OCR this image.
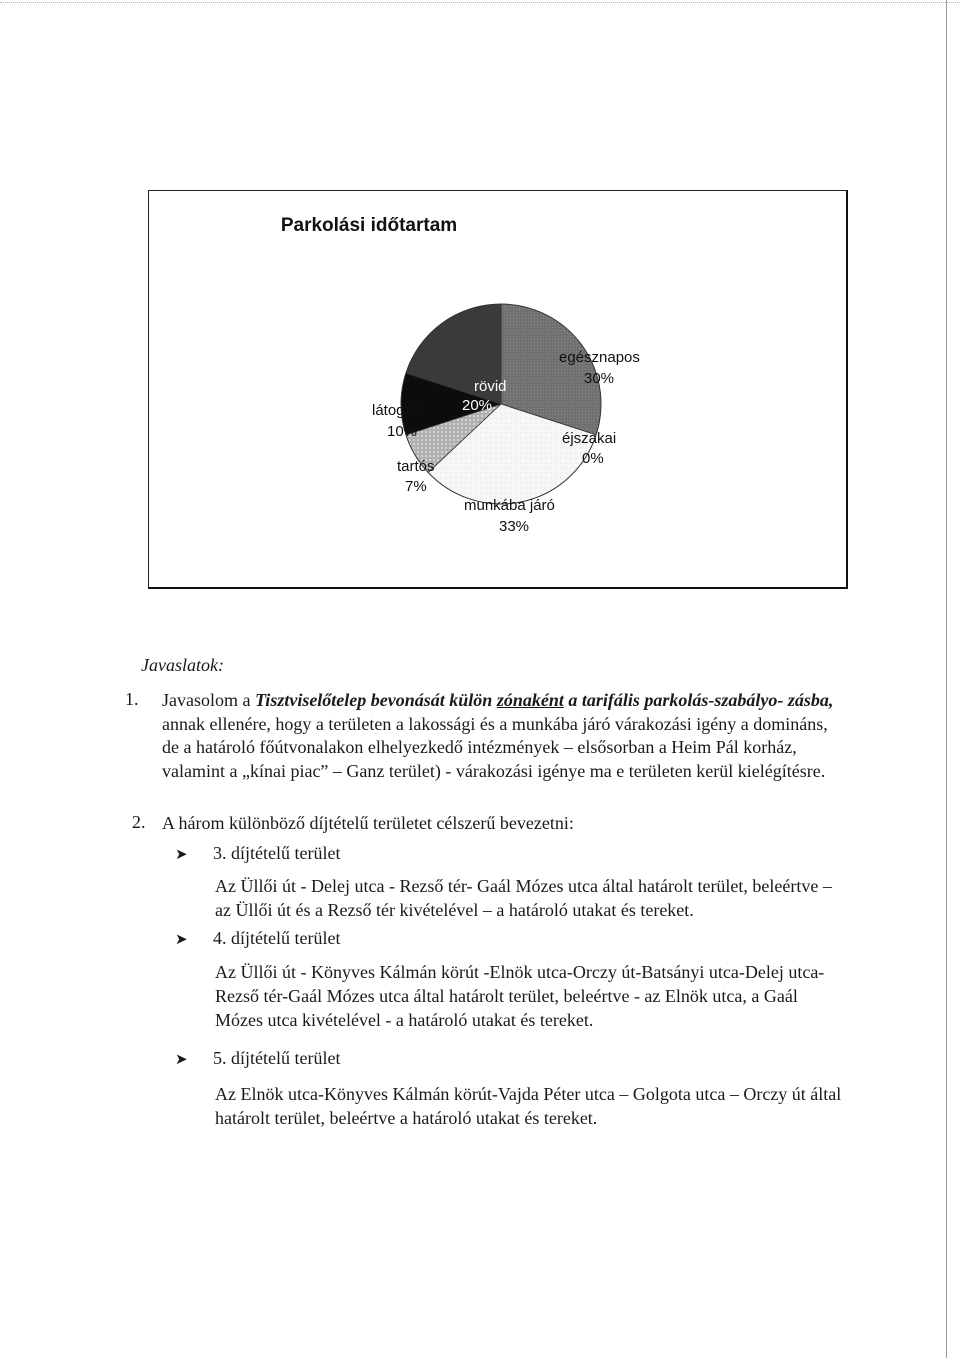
Parkolási időtartam
egésznapos
30%
éjszakai
0%
munkába járó
33%
tartós
7%
látogató
10%
rövid
20%
Javaslatok:
1. Javasolom a Tisztviselőtelep bevonását külön zónaként a tarifális parkolás-szabályo- zásba, annak ellenére, hogy a területen a lakossági és a munkába járó várakozási igény a domináns, de a határoló főútvonalakon elhelyezkedő intézmények – elsősorban a Heim Pál korház, valamint a „kínai piac” – Ganz terület) - várakozási igénye ma e területen kerül kielégítésre.
2. A három különböző díjtételű területet célszerű bevezetni:
➤ 3. díjtételű terület
Az Üllői út - Delej utca - Rezső tér- Gaál Mózes utca által határolt terület, beleértve – az Üllői út és a Rezső tér kivételével – a határoló utakat és tereket.
➤ 4. díjtételű terület
Az Üllői út - Könyves Kálmán körút -Elnök utca-Orczy út-Batsányi utca-Delej utca-Rezső tér-Gaál Mózes utca által határolt terület, beleértve - az Elnök utca, a Gaál Mózes utca kivételével - a határoló utakat és tereket.
➤ 5. díjtételű terület
Az Elnök utca-Könyves Kálmán körút-Vajda Péter utca – Golgota utca – Orczy út által határolt terület, beleértve a határoló utakat és tereket.
